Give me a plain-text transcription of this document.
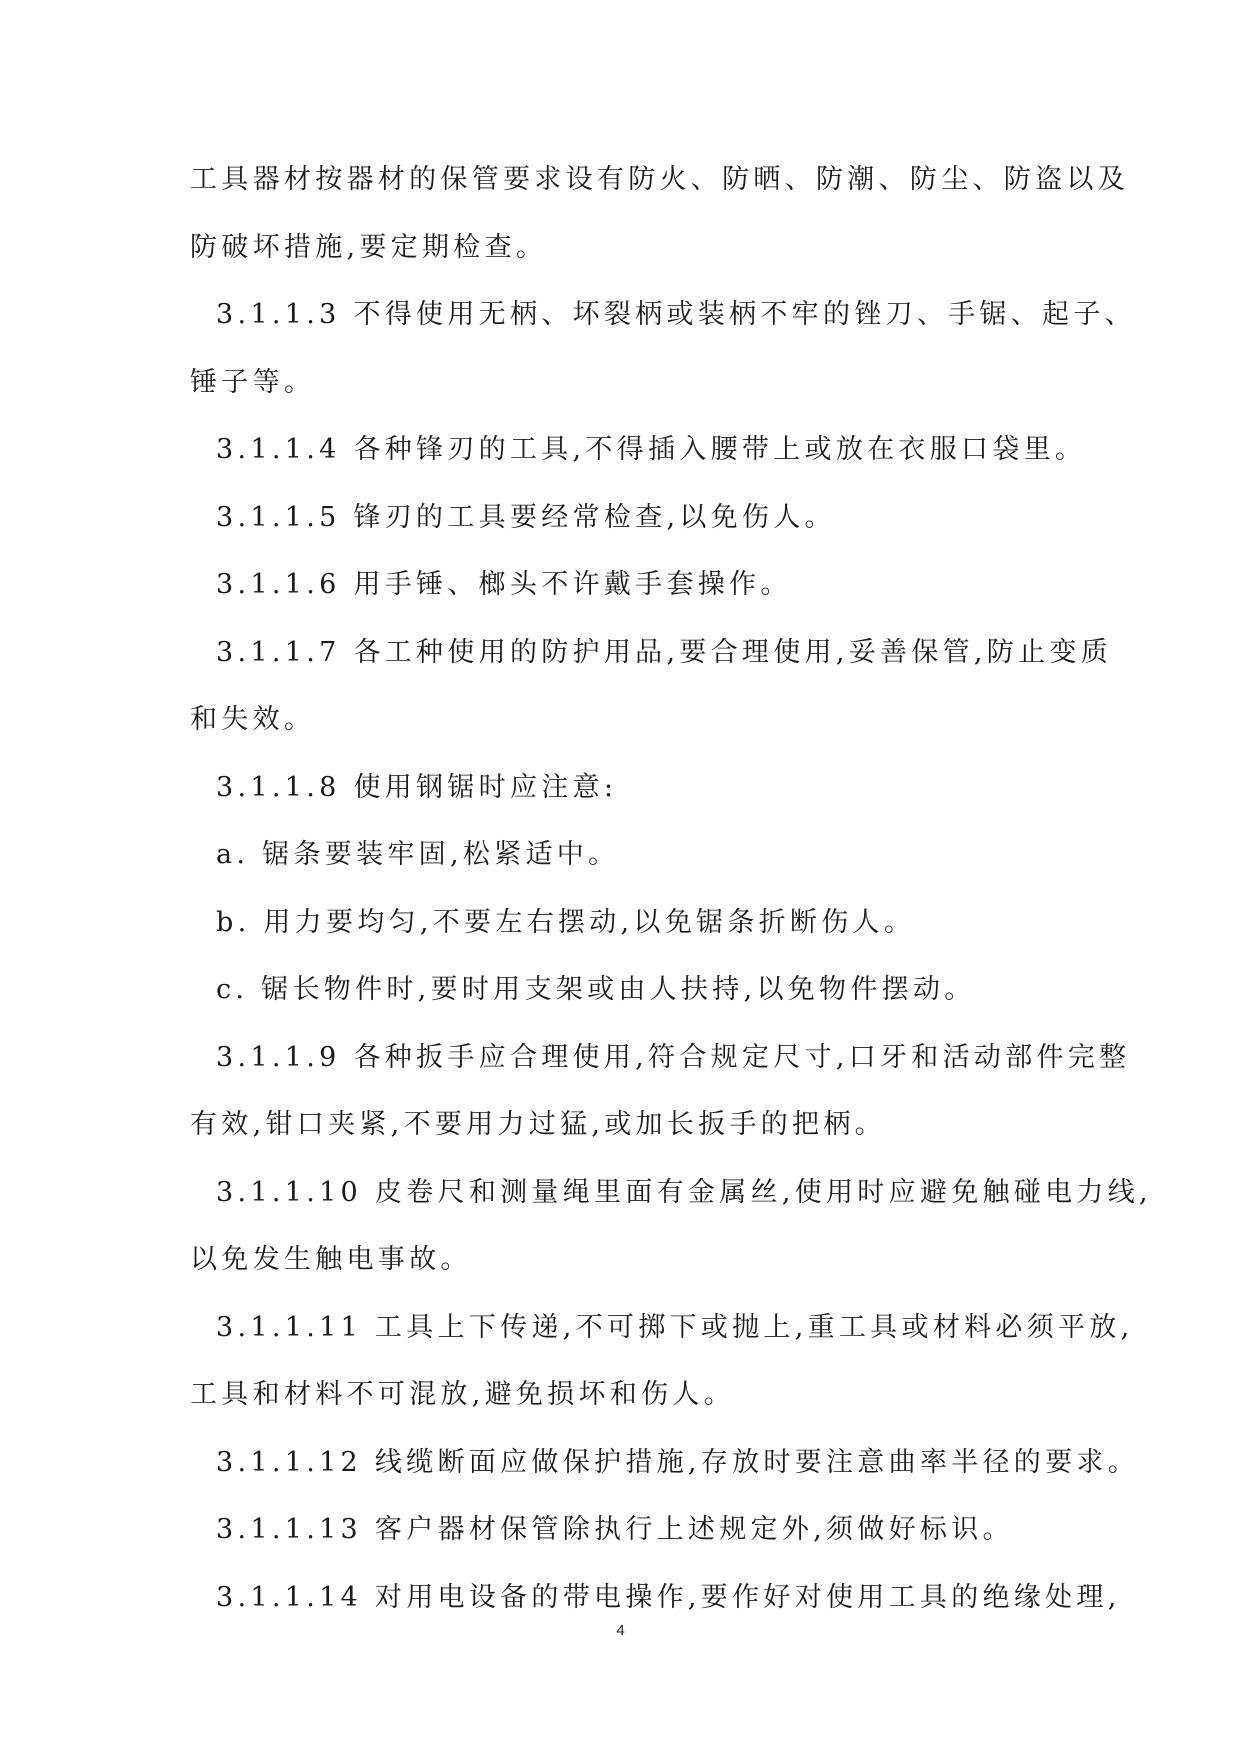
工具器材按器材的保管要求设有防火、防晒、防潮、防尘、防盗以及
防破坏措施,要定期检查。
3.1.1.3 不得使用无柄、坏裂柄或装柄不牢的锉刀、手锯、起子、
锤子等。
3.1.1.4 各种锋刃的工具,不得插入腰带上或放在衣服口袋里。
3.1.1.5 锋刃的工具要经常检查,以免伤人。
3.1.1.6 用手锤、榔头不许戴手套操作。
3.1.1.7 各工种使用的防护用品,要合理使用,妥善保管,防止变质
和失效。
3.1.1.8 使用钢锯时应注意:
a. 锯条要装牢固,松紧适中。
b. 用力要均匀,不要左右摆动,以免锯条折断伤人。
c. 锯长物件时,要时用支架或由人扶持,以免物件摆动。
3.1.1.9 各种扳手应合理使用,符合规定尺寸,口牙和活动部件完整
有效,钳口夹紧,不要用力过猛,或加长扳手的把柄。
3.1.1.10 皮卷尺和测量绳里面有金属丝,使用时应避免触碰电力线,
以免发生触电事故。
3.1.1.11 工具上下传递,不可掷下或抛上,重工具或材料必须平放,
工具和材料不可混放,避免损坏和伤人。
3.1.1.12 线缆断面应做保护措施,存放时要注意曲率半径的要求。
3.1.1.13 客户器材保管除执行上述规定外,须做好标识。
3.1.1.14 对用电设备的带电操作,要作好对使用工具的绝缘处理,
4
